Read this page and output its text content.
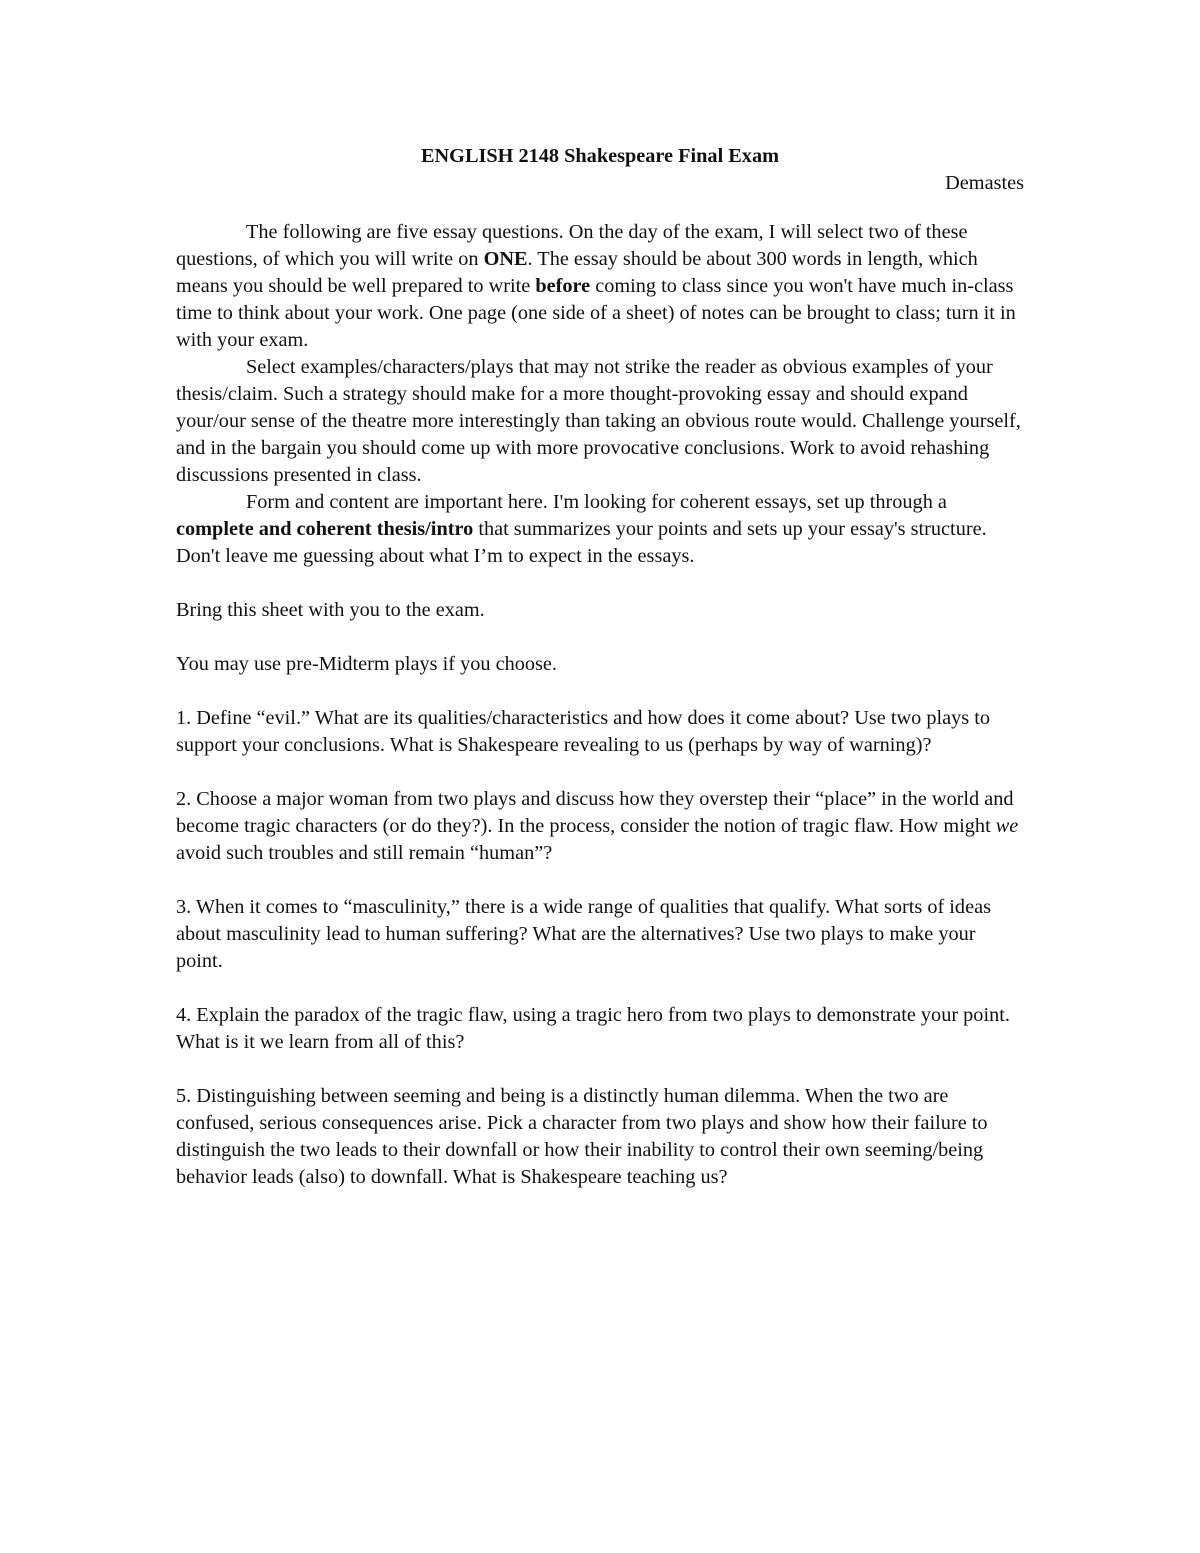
ENGLISH 2148 Shakespeare Final Exam

Demastes

The following are five essay questions. On the day of the exam, I will select two of these questions, of which you will write on ONE. The essay should be about 300 words in length, which means you should be well prepared to write before coming to class since you won't have much in-class time to think about your work. One page (one side of a sheet) of notes can be brought to class; turn it in with your exam.

Select examples/characters/plays that may not strike the reader as obvious examples of your thesis/claim. Such a strategy should make for a more thought-provoking essay and should expand your/our sense of the theatre more interestingly than taking an obvious route would. Challenge yourself, and in the bargain you should come up with more provocative conclusions. Work to avoid rehashing discussions presented in class.

Form and content are important here. I'm looking for coherent essays, set up through a complete and coherent thesis/intro that summarizes your points and sets up your essay's structure. Don't leave me guessing about what I’m to expect in the essays.

Bring this sheet with you to the exam.

You may use pre-Midterm plays if you choose.

1. Define “evil.” What are its qualities/characteristics and how does it come about? Use two plays to support your conclusions. What is Shakespeare revealing to us (perhaps by way of warning)?

2. Choose a major woman from two plays and discuss how they overstep their “place” in the world and become tragic characters (or do they?). In the process, consider the notion of tragic flaw. How might we avoid such troubles and still remain “human”?

3. When it comes to “masculinity,” there is a wide range of qualities that qualify. What sorts of ideas about masculinity lead to human suffering? What are the alternatives? Use two plays to make your point.

4. Explain the paradox of the tragic flaw, using a tragic hero from two plays to demonstrate your point. What is it we learn from all of this?

5. Distinguishing between seeming and being is a distinctly human dilemma. When the two are confused, serious consequences arise. Pick a character from two plays and show how their failure to distinguish the two leads to their downfall or how their inability to control their own seeming/being behavior leads (also) to downfall. What is Shakespeare teaching us?
